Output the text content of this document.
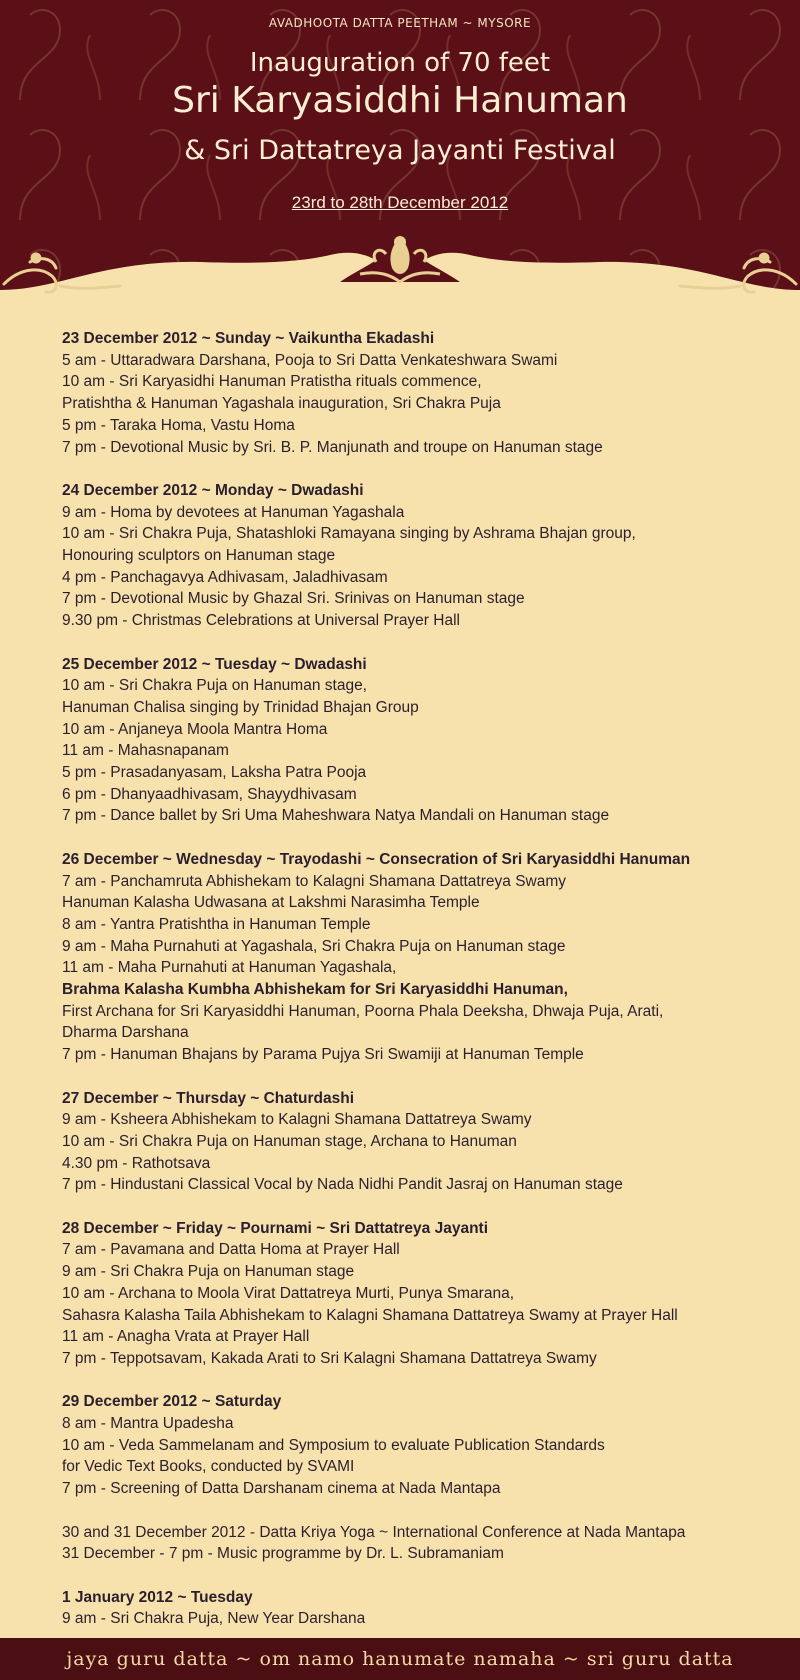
AVADHOOTA DATTA PEETHAM ~ MYSORE
Inauguration of 70 feet
Sri Karyasiddhi Hanuman
& Sri Dattatreya Jayanti Festival
23rd to 28th December 2012
23 December 2012 ~ Sunday ~ Vaikuntha Ekadashi
5 am - Uttaradwara Darshana, Pooja to Sri Datta Venkateshwara Swami
10 am - Sri Karyasidhi Hanuman Pratistha rituals commence,
Pratishtha & Hanuman Yagashala inauguration, Sri Chakra Puja
5 pm - Taraka Homa, Vastu Homa
7 pm - Devotional Music by Sri. B. P. Manjunath and troupe on Hanuman stage
24 December 2012 ~ Monday ~ Dwadashi
9 am - Homa by devotees at Hanuman Yagashala
10 am - Sri Chakra Puja, Shatashloki Ramayana singing by Ashrama Bhajan group,
Honouring sculptors on Hanuman stage
4 pm - Panchagavya Adhivasam, Jaladhivasam
7 pm - Devotional Music by Ghazal Sri. Srinivas on Hanuman stage
9.30 pm - Christmas Celebrations at Universal Prayer Hall
25 December 2012 ~ Tuesday ~ Dwadashi
10 am - Sri Chakra Puja on Hanuman stage,
Hanuman Chalisa singing by Trinidad Bhajan Group
10 am - Anjaneya Moola Mantra Homa
11 am - Mahasnapanam
5 pm - Prasadanyasam, Laksha Patra Pooja
6 pm - Dhanyaadhivasam, Shayydhivasam
7 pm - Dance ballet by Sri Uma Maheshwara Natya Mandali on Hanuman stage
26 December ~ Wednesday ~ Trayodashi ~ Consecration of Sri Karyasiddhi Hanuman
7 am - Panchamruta Abhishekam to Kalagni Shamana Dattatreya Swamy
Hanuman Kalasha Udwasana at Lakshmi Narasimha Temple
8 am - Yantra Pratishtha in Hanuman Temple
9 am - Maha Purnahuti at Yagashala, Sri Chakra Puja on Hanuman stage
11 am - Maha Purnahuti at Hanuman Yagashala,
Brahma Kalasha Kumbha Abhishekam for Sri Karyasiddhi Hanuman,
First Archana for Sri Karyasiddhi Hanuman, Poorna Phala Deeksha, Dhwaja Puja, Arati,
Dharma Darshana
7 pm - Hanuman Bhajans by Parama Pujya Sri Swamiji at Hanuman Temple
27 December ~ Thursday ~ Chaturdashi
9 am - Ksheera Abhishekam to Kalagni Shamana Dattatreya Swamy
10 am - Sri Chakra Puja on Hanuman stage, Archana to Hanuman
4.30 pm - Rathotsava
7 pm - Hindustani Classical Vocal by Nada Nidhi Pandit Jasraj on Hanuman stage
28 December ~ Friday ~ Pournami ~ Sri Dattatreya Jayanti
7 am - Pavamana and Datta Homa at Prayer Hall
9 am - Sri Chakra Puja on Hanuman stage
10 am - Archana to Moola Virat Dattatreya Murti, Punya Smarana,
Sahasra Kalasha Taila Abhishekam to Kalagni Shamana Dattatreya Swamy at Prayer Hall
11 am - Anagha Vrata at Prayer Hall
7 pm - Teppotsavam, Kakada Arati to Sri Kalagni Shamana Dattatreya Swamy
29 December 2012 ~ Saturday
8 am - Mantra Upadesha
10 am - Veda Sammelanam and Symposium to evaluate Publication Standards
for Vedic Text Books, conducted by SVAMI
7 pm - Screening of Datta Darshanam cinema at Nada Mantapa
30 and 31 December 2012 - Datta Kriya Yoga ~ International Conference at Nada Mantapa
31 December - 7 pm - Music programme by Dr. L. Subramaniam
1 January 2012 ~ Tuesday
9 am - Sri Chakra Puja, New Year Darshana
jaya guru datta ~ om namo hanumate namaha ~ sri guru datta
